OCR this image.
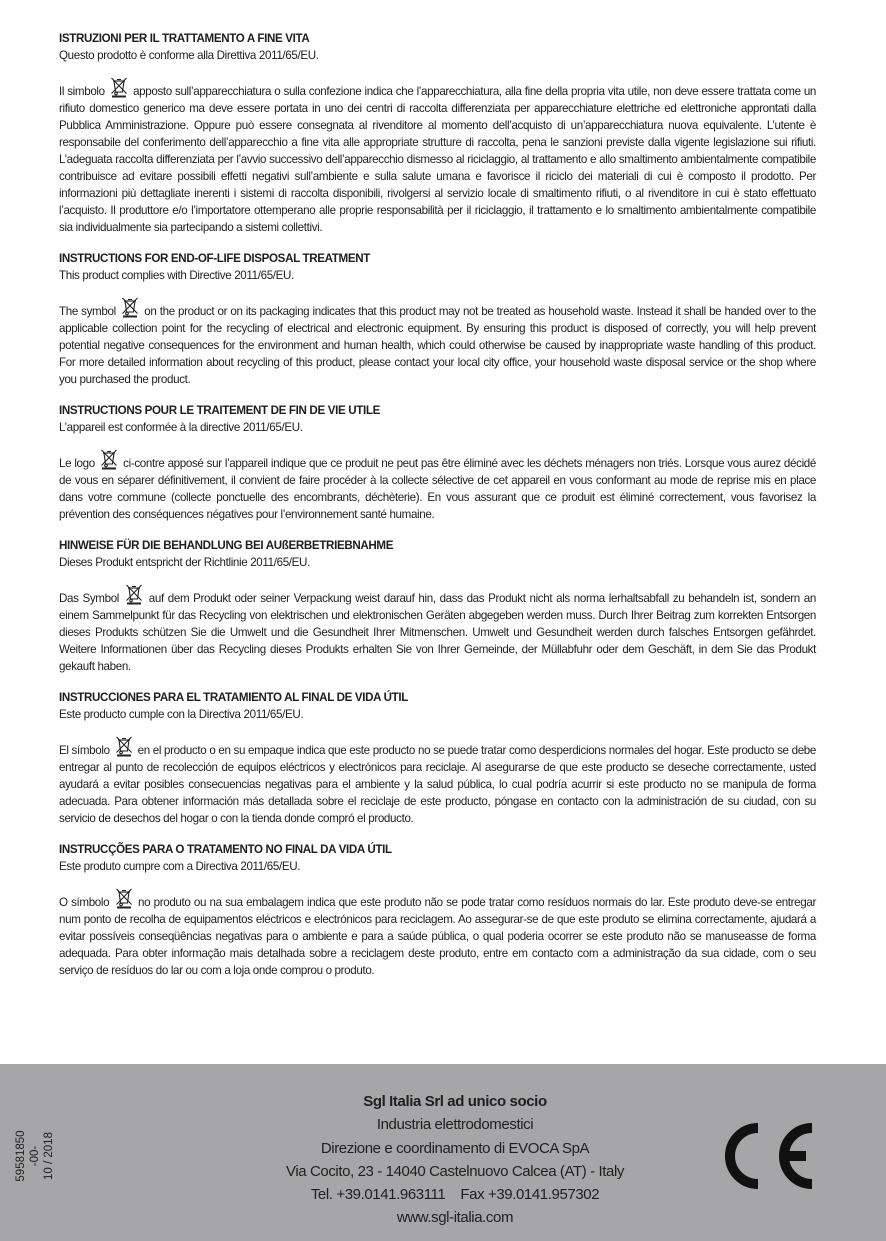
ISTRUZIONI PER IL TRATTAMENTO A FINE VITA

Questo prodotto è conforme alla Direttiva 2011/65/EU.

Il simbolo apposto sull’apparecchiatura o sulla confezione indica che l’apparecchiatura, alla fine della propria vita utile, non deve essere trattata come un rifiuto domestico generico ma deve essere portata in uno dei centri di raccolta differenziata per apparecchiature elettriche ed elettroniche approntati dalla Pubblica Amministrazione. Oppure può essere consegnata al rivenditore al momento dell’acquisto di un’apparecchiatura nuova equivalente. L’utente è responsabile del conferimento dell’apparecchio a fine vita alle appropriate strutture di raccolta, pena le sanzioni previste dalla vigente legislazione sui rifiuti. L’adeguata raccolta differenziata per l’avvio successivo dell’apparecchio dismesso al riciclaggio, al trattamento e allo smaltimento ambientalmente compatibile contribuisce ad evitare possibili effetti negativi sull’ambiente e sulla salute umana e favorisce il riciclo dei materiali di cui è composto il prodotto. Per informazioni più dettagliate inerenti i sistemi di raccolta disponibili, rivolgersi al servizio locale di smaltimento rifiuti, o al rivenditore in cui è stato effettuato l’acquisto. Il produttore e/o l’importatore ottemperano alle proprie responsabilità per il riciclaggio, il trattamento e lo smaltimento ambientalmente compatibile sia individualmente sia partecipando a sistemi collettivi.

INSTRUCTIONS FOR END-OF-LIFE DISPOSAL TREATMENT

This product complies with Directive 2011/65/EU.

The symbol on the product or on its packaging indicates that this product may not be treated as household waste. Instead it shall be handed over to the applicable collection point for the recycling of electrical and electronic equipment. By ensuring this product is disposed of correctly, you will help prevent potential negative consequences for the environment and human health, which could otherwise be caused by inappropriate waste handling of this product. For more detailed information about recycling of this product, please contact your local city office, your household waste disposal service or the shop where you purchased the product.

INSTRUCTIONS POUR LE TRAITEMENT DE FIN DE VIE UTILE

L’appareil est conformée à la directive 2011/65/EU.

Le logo ci-contre apposé sur l’appareil indique que ce produit ne peut pas être éliminé avec les déchets ménagers non triés. Lorsque vous aurez décidé de vous en séparer définitivement, il convient de faire procéder à la collecte sélective de cet appareil en vous conformant au mode de reprise mis en place dans votre commune (collecte ponctuelle des encombrants, déchèterie). En vous assurant que ce produit est éliminé correctement, vous favorisez la prévention des conséquences négatives pour l’environnement santé humaine.

HINWEISE FÜR DIE BEHANDLUNG BEI AUßERBETRIEBNAHME

Dieses Produkt entspricht der Richtlinie 2011/65/EU.

Das Symbol	auf dem Produkt oder seiner Verpackung weist darauf hin, dass das Produkt nicht als norma lerhaltsabfall zu behandeln ist, sondern an einem Sammelpunkt für das Recycling von elektrischen und elektronischen Geräten abgegeben werden muss. Durch Ihrer Beitrag zum korrekten Entsorgen dieses Produkts schützen Sie die Umwelt und die Gesundheit Ihrer Mitmenschen. Umwelt und Gesundheit werden durch falsches Entsorgen gefährdet. Weitere Informationen über das Recycling dieses Produkts erhalten Sie von Ihrer Gemeinde, der Müllabfuhr oder dem Geschäft, in dem Sie das Produkt gekauft haben.

INSTRUCCIONES PARA EL TRATAMIENTO AL FINAL DE VIDA ÚTIL

Este producto cumple con la Directiva 2011/65/EU.

El símbolo en el producto o en su empaque indica que este producto no se puede tratar como desperdicions normales del hogar. Este producto se debe entregar al punto de recolección de equipos eléctricos y electrónicos para reciclaje. Al asegurarse de que este producto se deseche correctamente, usted ayudará a evitar posibles consecuencias negativas para el ambiente y la salud pública, lo cual podría acurrir si este producto no se manipula de forma adecuada. Para obtener información más detallada sobre el reciclaje de este producto, póngase en contacto con la administración de su ciudad, con su servicio de desechos del hogar o con la tienda donde compró el producto.

INSTRUCÇÕES PARA O TRATAMENTO NO FINAL DA VIDA ÚTIL

Este produto cumpre com a Directiva 2011/65/EU.

O símbolo no produto ou na sua embalagem indica que este produto não se pode tratar como resíduos normais do lar. Este produto deve-se entregar num ponto de recolha de equipamentos eléctricos e electrónicos para reciclagem. Ao assegurar-se de que este produto se elimina correctamente, ajudará a evitar possíveis conseqüências negativas para o ambiente e para a saúde pública, o qual poderia ocorrer se este produto não se manuseasse de forma adequada. Para obter informação mais detalhada sobre a reciclagem deste produto, entre em contacto com a administração da sua cidade, com o seu serviço de resíduos do lar ou com a loja onde comprou o produto.

Sgl Italia Srl ad unico socio
Industria elettrodomestici
Direzione e coordinamento di EVOCA SpA
Via Cocito, 23 - 14040 Castelnuovo Calcea (AT) - Italy
Tel. +39.0141.963111    Fax +39.0141.957302
www.sgl-italia.com
59581850 -00- 10 / 2018
